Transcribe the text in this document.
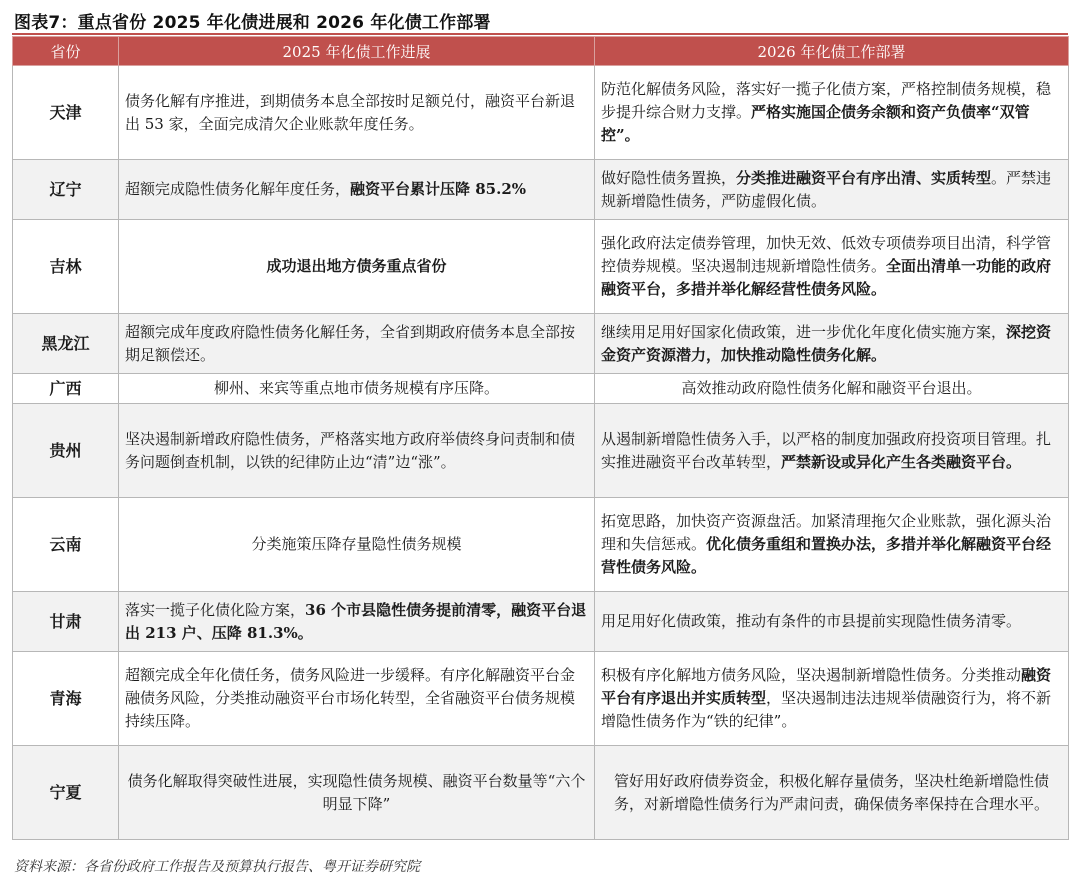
图表7：重点省份 2025 年化债进展和 2026 年化债工作部署
省份	2025 年化债工作进展	2026 年化债工作部署
天津	债务化解有序推进，到期债务本息全部按时足额兑付，融资平台新退出 53 家，全面完成清欠企业账款年度任务。	防范化解债务风险，落实好一揽子化债方案，严格控制债务规模，稳步提升综合财力支撑。严格实施国企债务余额和资产负债率“双管控”。
辽宁	超额完成隐性债务化解年度任务，融资平台累计压降 85.2%	做好隐性债务置换，分类推进融资平台有序出清、实质转型。严禁违规新增隐性债务，严防虚假化债。
吉林	成功退出地方债务重点省份	强化政府法定债券管理，加快无效、低效专项债券项目出清，科学管控债券规模。坚决遏制违规新增隐性债务。全面出清单一功能的政府融资平台，多措并举化解经营性债务风险。
黑龙江	超额完成年度政府隐性债务化解任务，全省到期政府债务本息全部按期足额偿还。	继续用足用好国家化债政策，进一步优化年度化债实施方案，深挖资金资产资源潜力，加快推动隐性债务化解。
广西	柳州、来宾等重点地市债务规模有序压降。	高效推动政府隐性债务化解和融资平台退出。
贵州	坚决遏制新增政府隐性债务，严格落实地方政府举债终身问责制和债务问题倒查机制，以铁的纪律防止边“清”边“涨”。	从遏制新增隐性债务入手，以严格的制度加强政府投资项目管理。扎实推进融资平台改革转型，严禁新设或异化产生各类融资平台。
云南	分类施策压降存量隐性债务规模	拓宽思路，加快资产资源盘活。加紧清理拖欠企业账款，强化源头治理和失信惩戒。优化债务重组和置换办法，多措并举化解融资平台经营性债务风险。
甘肃	落实一揽子化债化险方案，36 个市县隐性债务提前清零，融资平台退出 213 户、压降 81.3%。	用足用好化债政策，推动有条件的市县提前实现隐性债务清零。
青海	超额完成全年化债任务，债务风险进一步缓释。有序化解融资平台金融债务风险，分类推动融资平台市场化转型，全省融资平台债务规模持续压降。	积极有序化解地方债务风险，坚决遏制新增隐性债务。分类推动融资平台有序退出并实质转型，坚决遏制违法违规举债融资行为，将不新增隐性债务作为“铁的纪律”。
宁夏	债务化解取得突破性进展，实现隐性债务规模、融资平台数量等“六个明显下降”	管好用好政府债券资金，积极化解存量债务，坚决杜绝新增隐性债务，对新增隐性债务行为严肃问责，确保债务率保持在合理水平。
资料来源：各省份政府工作报告及预算执行报告、粤开证券研究院
